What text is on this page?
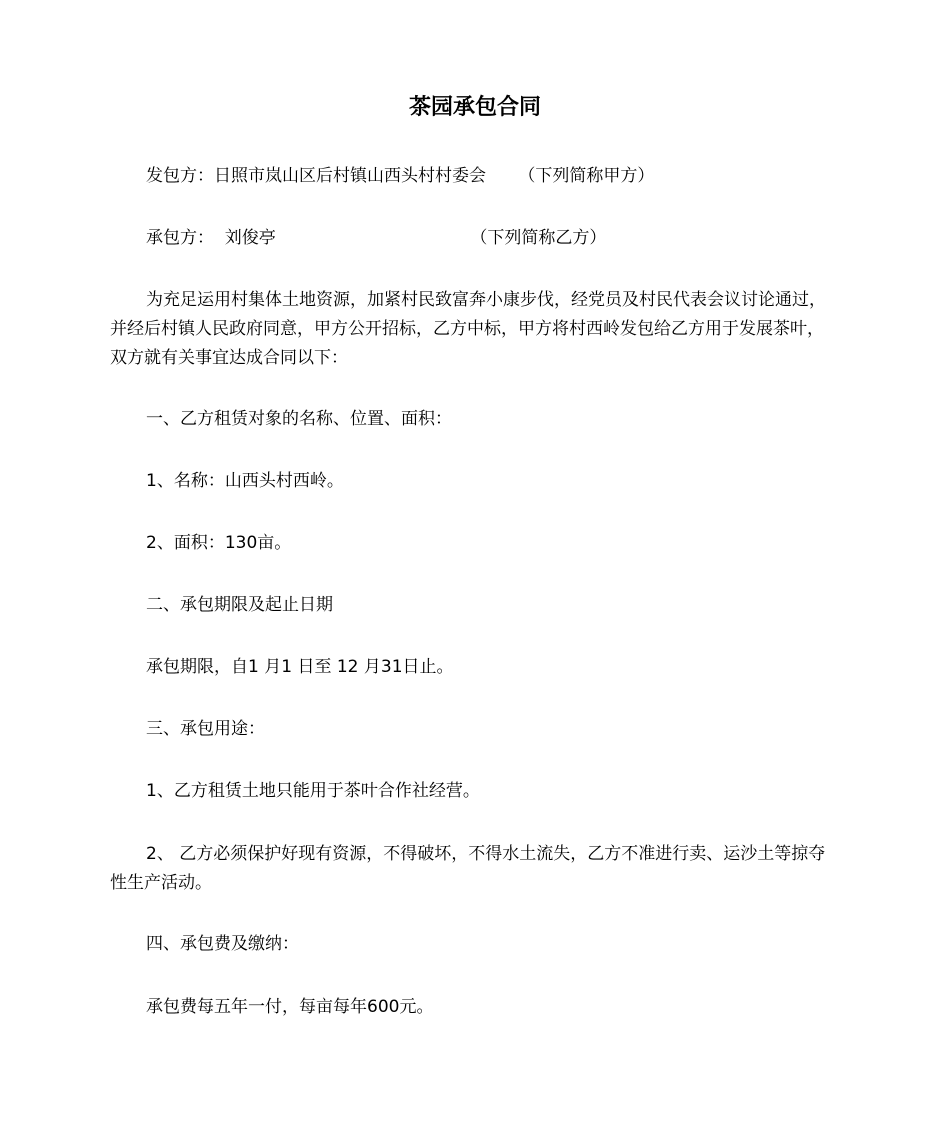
茶园承包合同

发包方：日照市岚山区后村镇山西头村村委会      （下列简称甲方）

承包方：  刘俊亭                                    （下列简称乙方）

为充足运用村集体土地资源，加紧村民致富奔小康步伐，经党员及村民代表会议讨论通过，并经后村镇人民政府同意，甲方公开招标，乙方中标，甲方将村西岭发包给乙方用于发展茶叶，双方就有关事宜达成合同以下：

一、乙方租赁对象的名称、位置、面积：

1、名称：山西头村西岭。

2、面积：130亩。

二、承包期限及起止日期

承包期限，自1 月1 日至 12 月31日止。

三、承包用途：

1、乙方租赁土地只能用于茶叶合作社经营。

2、 乙方必须保护好现有资源，不得破坏，不得水土流失，乙方不准进行卖、运沙土等掠夺性生产活动。

四、承包费及缴纳：

承包费每五年一付，每亩每年600元。
